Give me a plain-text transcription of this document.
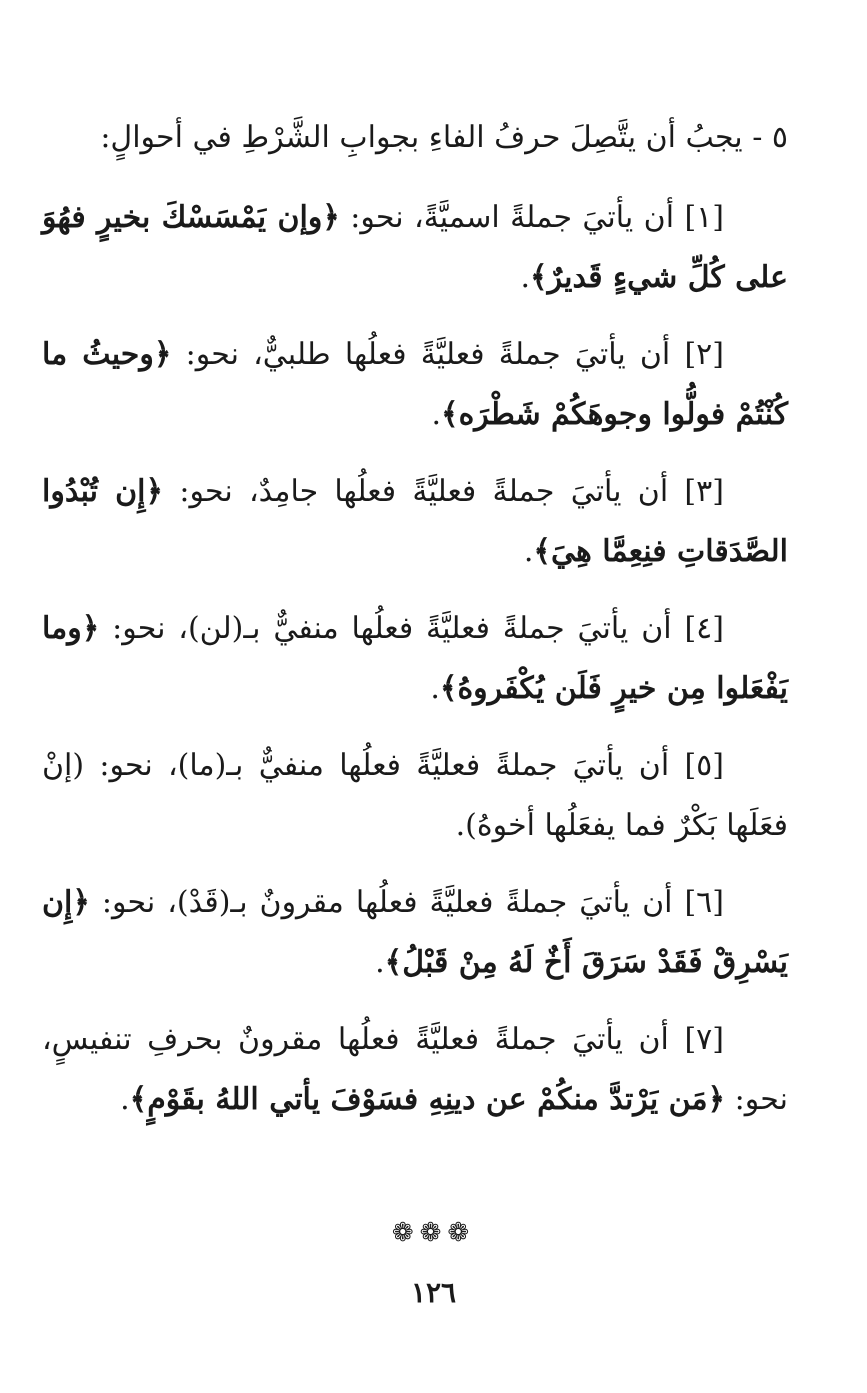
٥ - يجبُ أن يتَّصِلَ حرفُ الفاءِ بجوابِ الشَّرْطِ في أحوالٍ:

[١] أن يأتيَ جملةً اسميَّةً، نحو: ﴿وإن يَمْسَسْكَ بخيرٍ فهُوَ على كُلِّ شيءٍ قَديرٌ﴾.

[٢] أن يأتيَ جملةً فعليَّةً فعلُها طلبيٌّ، نحو: ﴿وحيثُ ما كُنْتُمْ فولُّوا وجوهَكُمْ شَطْرَه﴾.

[٣] أن يأتيَ جملةً فعليَّةً فعلُها جامِدٌ، نحو: ﴿إِن تُبْدُوا الصَّدَقاتِ فنِعِمَّا هِيَ﴾.

[٤] أن يأتيَ جملةً فعليَّةً فعلُها منفيٌّ بـ(لن)، نحو: ﴿وما يَفْعَلوا مِن خيرٍ فَلَن يُكْفَروهُ﴾.

[٥] أن يأتيَ جملةً فعليَّةً فعلُها منفيٌّ بـ(ما)، نحو: (إنْ فعَلَها بَكْرٌ فما يفعَلُها أخوهُ).

[٦] أن يأتيَ جملةً فعليَّةً فعلُها مقرونٌ بـ(قَدْ)، نحو: ﴿إِن يَسْرِقْ فَقَدْ سَرَقَ أَخٌ لَهُ مِنْ قَبْلُ﴾.

[٧] أن يأتيَ جملةً فعليَّةً فعلُها مقرونٌ بحرفِ تنفيسٍ، نحو: ﴿مَن يَرْتدَّ منكُمْ عن دينِهِ فسَوْفَ يأتي اللهُ بقَوْمٍ﴾.

❁❁❁
١٢٦
